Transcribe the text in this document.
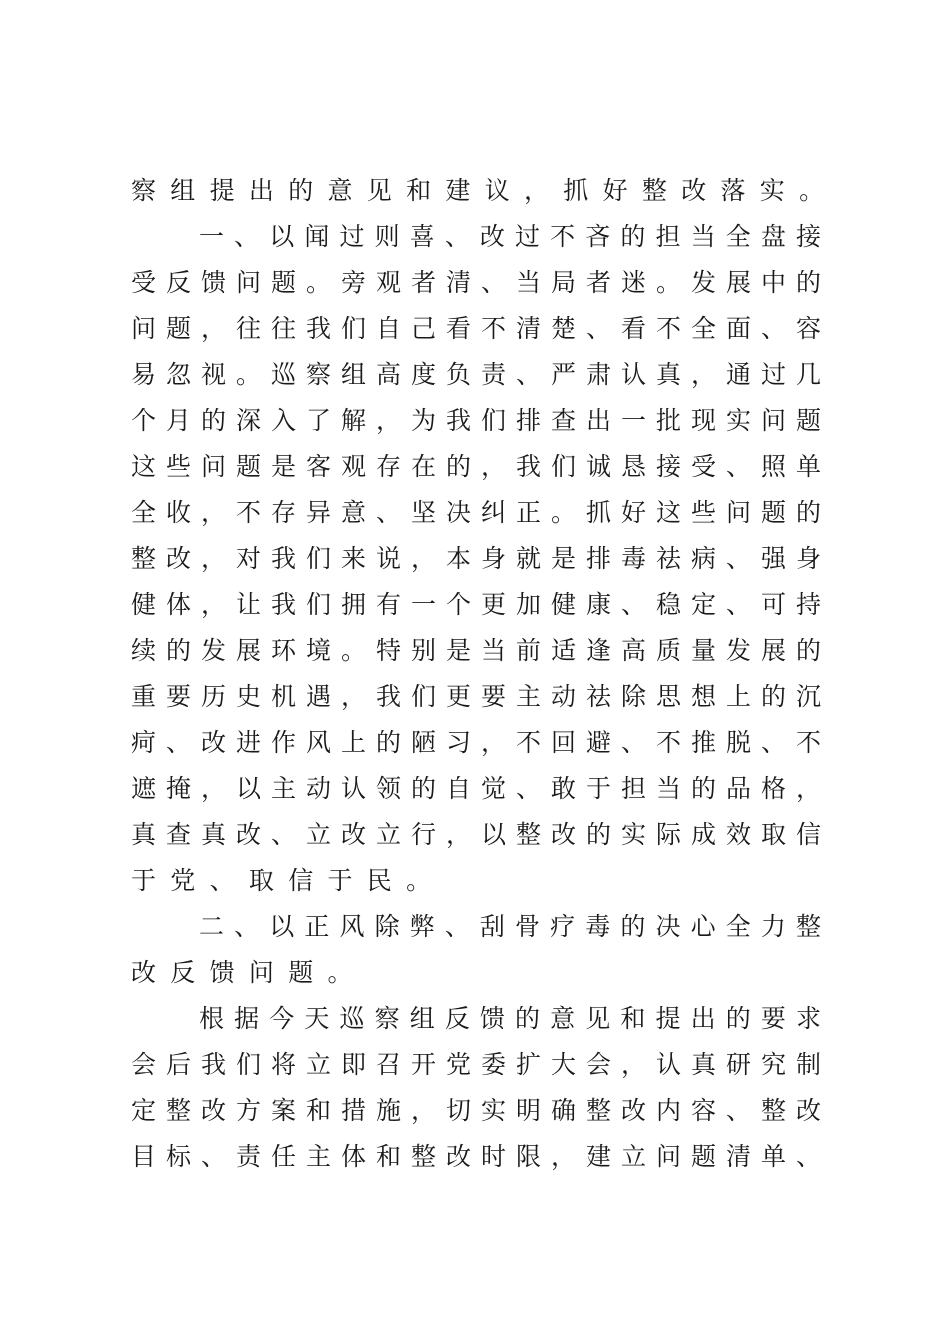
察组提出的意见和建议，抓好整改落实。
一、以闻过则喜、改过不吝的担当全盘接
受反馈问题。旁观者清、当局者迷。发展中的
问题，往往我们自己看不清楚、看不全面、容
易忽视。巡察组高度负责、严肃认真，通过几
个月的深入了解，为我们排查出一批现实问题
这些问题是客观存在的，我们诚恳接受、照单
全收，不存异意、坚决纠正。抓好这些问题的
整改，对我们来说，本身就是排毒祛病、强身
健体，让我们拥有一个更加健康、稳定、可持
续的发展环境。特别是当前适逢高质量发展的
重要历史机遇，我们更要主动祛除思想上的沉
疴、改进作风上的陋习，不回避、不推脱、不
遮掩，以主动认领的自觉、敢于担当的品格，
真查真改、立改立行，以整改的实际成效取信
于党、取信于民。
二、以正风除弊、刮骨疗毒的决心全力整
改反馈问题。
根据今天巡察组反馈的意见和提出的要求
会后我们将立即召开党委扩大会，认真研究制
定整改方案和措施，切实明确整改内容、整改
目标、责任主体和整改时限，建立问题清单、
